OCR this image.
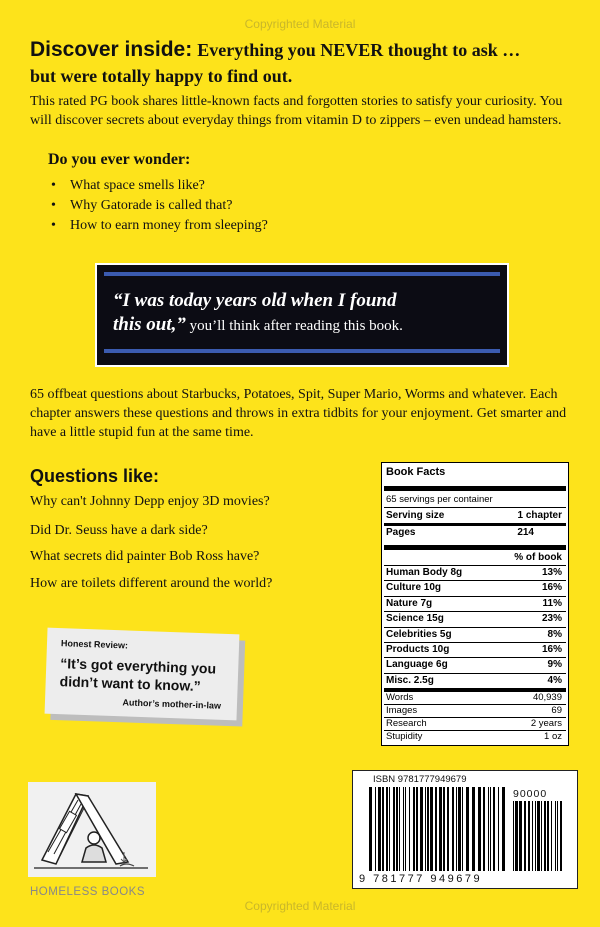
Copyrighted Material
Discover inside: Everything you NEVER thought to ask …
but were totally happy to find out.
This rated PG book shares little-known facts and forgotten stories to satisfy your curiosity. You will discover secrets about everyday things from vitamin D to zippers – even undead hamsters.
Do you ever wonder:
• What space smells like?
• Why Gatorade is called that?
• How to earn money from sleeping?
“I was today years old when I found
this out,” you’ll think after reading this book.
65 offbeat questions about Starbucks, Potatoes, Spit, Super Mario, Worms and whatever. Each chapter answers these questions and throws in extra tidbits for your enjoyment. Get smarter and have a little stupid fun at the same time.
Questions like:
Why can't Johnny Depp enjoy 3D movies?
Did Dr. Seuss have a dark side?
What secrets did painter Bob Ross have?
How are toilets different around the world?
Honest Review:
“It’s got everything you didn’t want to know.”
Author’s mother-in-law
Book Facts
65 servings per container
Serving size	1 chapter
Pages	214
% of book
Human Body 8g	13%
Culture 10g	16%
Nature 7g	11%
Science 15g	23%
Celebrities 5g	8%
Products 10g	16%
Language 6g	9%
Misc. 2.5g	4%
Words	40,939
Images	69
Research	2 years
Stupidity	1 oz
ISBN 9781777949679
90000
9 781777 949679
HOMELESS BOOKS
Copyrighted Material
